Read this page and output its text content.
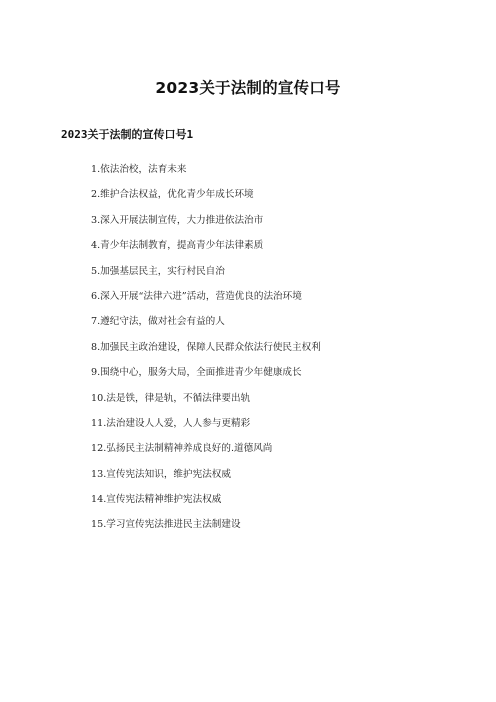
2023关于法制的宣传口号
2023关于法制的宣传口号1
1.依法治校，法育未来
2.维护合法权益，优化青少年成长环境
3.深入开展法制宣传，大力推进依法治市
4.青少年法制教育，提高青少年法律素质
5.加强基层民主，实行村民自治
6.深入开展“法律六进”活动，营造优良的法治环境
7.遵纪守法，做对社会有益的人
8.加强民主政治建设，保障人民群众依法行使民主权利
9.围绕中心，服务大局，全面推进青少年健康成长
10.法是铁，律是轨，不循法律要出轨
11.法治建设人人爱，人人参与更精彩
12.弘扬民主法制精神养成良好的.道德风尚
13.宣传宪法知识，维护宪法权威
14.宣传宪法精神维护宪法权威
15.学习宣传宪法推进民主法制建设
